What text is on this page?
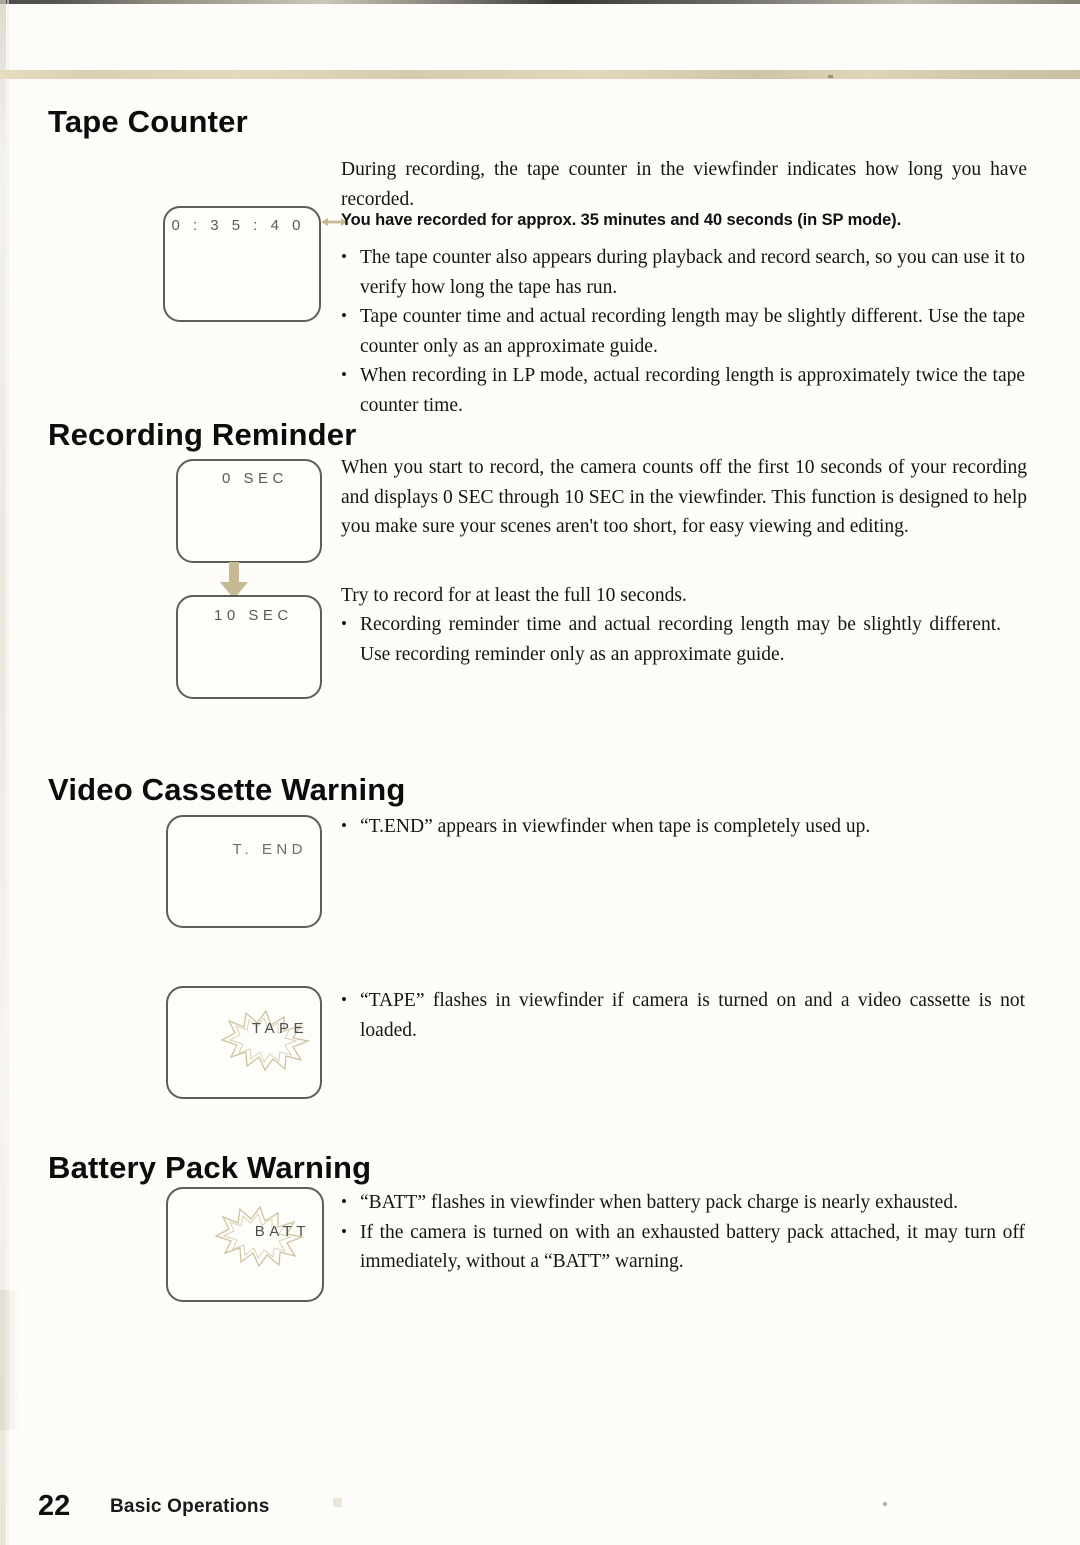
Tape Counter
During recording, the tape counter in the viewfinder indicates how long you have recorded.
0 : 3 5 : 4 0 You have recorded for approx. 35 minutes and 40 seconds (in SP mode).
• The tape counter also appears during playback and record search, so you can use it to verify how long the tape has run.
• Tape counter time and actual recording length may be slightly different. Use the tape counter only as an approximate guide.
• When recording in LP mode, actual recording length is approximately twice the tape counter time.
Recording Reminder
0 SEC
10 SEC
When you start to record, the camera counts off the first 10 seconds of your recording and displays 0 SEC through 10 SEC in the viewfinder. This function is designed to help you make sure your scenes aren't too short, for easy viewing and editing.
Try to record for at least the full 10 seconds.
• Recording reminder time and actual recording length may be slightly different. Use recording reminder only as an approximate guide.
Video Cassette Warning
T. END
• “T.END” appears in viewfinder when tape is completely used up.
TAPE
• “TAPE” flashes in viewfinder if camera is turned on and a video cassette is not loaded.
Battery Pack Warning
BATT
• “BATT” flashes in viewfinder when battery pack charge is nearly exhausted.
• If the camera is turned on with an exhausted battery pack attached, it may turn off immediately, without a “BATT” warning.
22 Basic Operations
